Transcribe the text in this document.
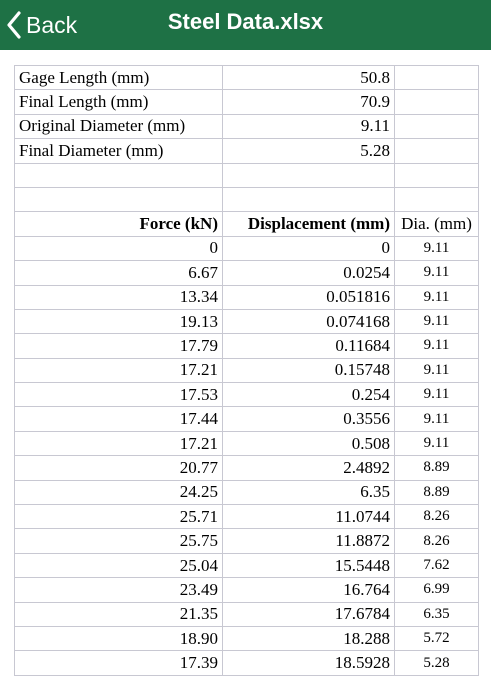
Back	Steel Data.xlsx
Gage Length (mm)	50.8	
Final Length (mm)	70.9	
Original Diameter (mm)	9.11	
Final Diameter (mm)	5.28	

Force (kN)	Displacement (mm)	Dia. (mm)
0	0	9.11
6.67	0.0254	9.11
13.34	0.051816	9.11
19.13	0.074168	9.11
17.79	0.11684	9.11
17.21	0.15748	9.11
17.53	0.254	9.11
17.44	0.3556	9.11
17.21	0.508	9.11
20.77	2.4892	8.89
24.25	6.35	8.89
25.71	11.0744	8.26
25.75	11.8872	8.26
25.04	15.5448	7.62
23.49	16.764	6.99
21.35	17.6784	6.35
18.90	18.288	5.72
17.39	18.5928	5.28
